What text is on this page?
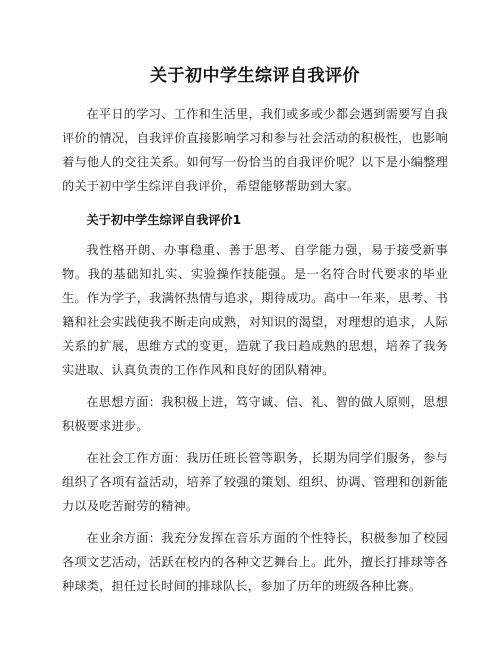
关于初中学生综评自我评价

在平日的学习、工作和生活里，我们或多或少都会遇到需要写自我评价的情况，自我评价直接影响学习和参与社会活动的积极性，也影响着与他人的交往关系。如何写一份恰当的自我评价呢？以下是小编整理的关于初中学生综评自我评价，希望能够帮助到大家。

关于初中学生综评自我评价1

我性格开朗、办事稳重、善于思考、自学能力强，易于接受新事物。我的基础知扎实、实验操作技能强。是一名符合时代要求的毕业生。作为学子，我满怀热情与追求，期待成功。高中一年来，思考、书籍和社会实践使我不断走向成熟，对知识的渴望，对理想的追求，人际关系的扩展，思维方式的变更，造就了我日趋成熟的思想，培养了我务实进取、认真负责的工作作风和良好的团队精神。

在思想方面：我积极上进，笃守诚、信、礼、智的做人原则，思想积极要求进步。

在社会工作方面：我历任班长管等职务，长期为同学们服务，参与组织了各项有益活动，培养了较强的策划、组织、协调、管理和创新能力以及吃苦耐劳的精神。

在业余方面：我充分发挥在音乐方面的个性特长，积极参加了校园各项文艺活动，活跃在校内的各种文艺舞台上。此外，擅长打排球等各种球类，担任过长时间的排球队长，参加了历年的班级各种比赛。
